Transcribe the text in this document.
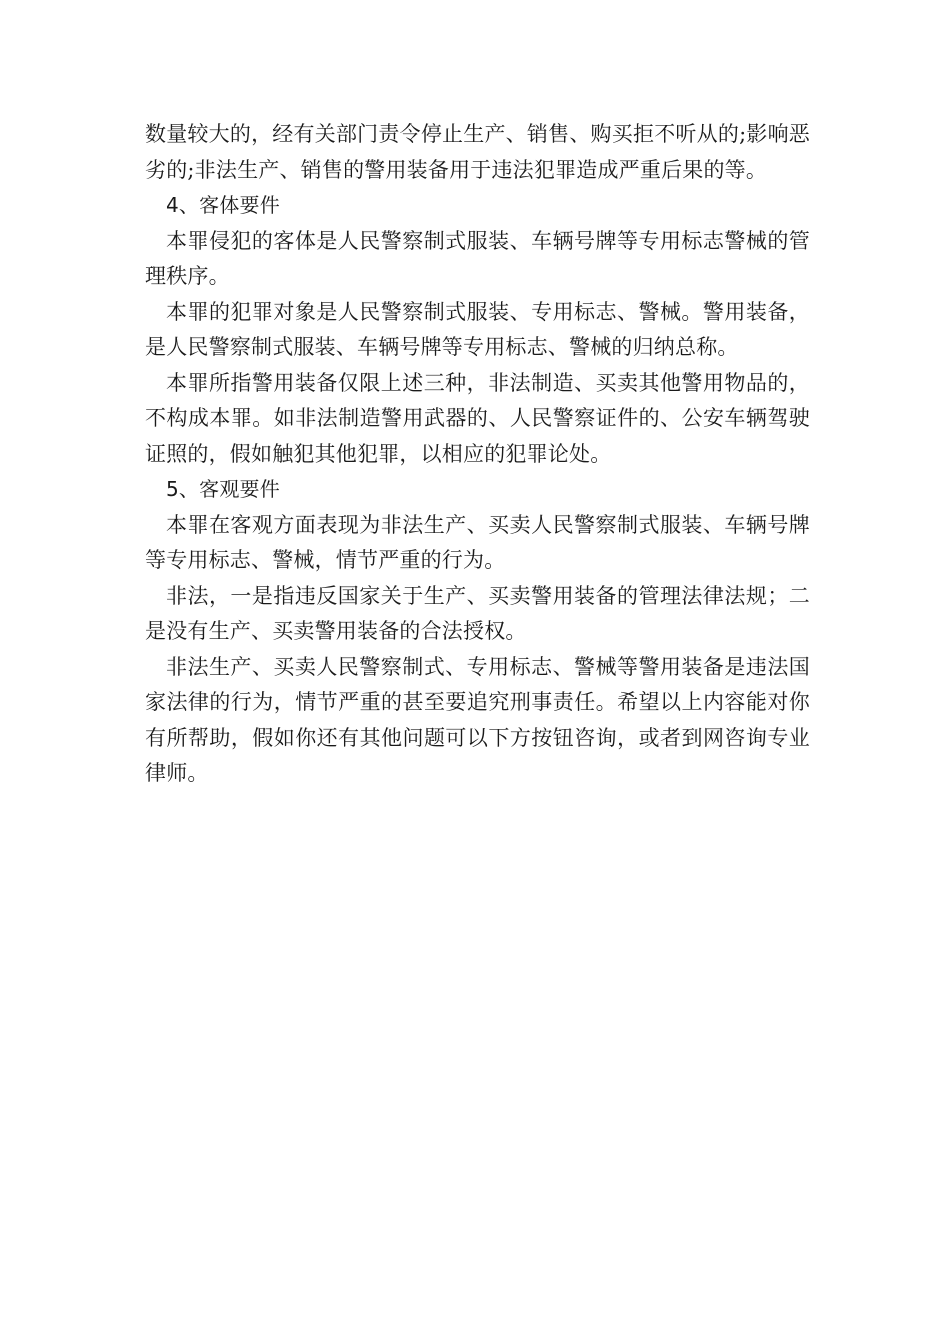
数量较大的，经有关部门责令停止生产、销售、购买拒不听从的;影响恶劣的;非法生产、销售的警用装备用于违法犯罪造成严重后果的等。

4、客体要件

本罪侵犯的客体是人民警察制式服装、车辆号牌等专用标志警械的管理秩序。

本罪的犯罪对象是人民警察制式服装、专用标志、警械。警用装备，是人民警察制式服装、车辆号牌等专用标志、警械的归纳总称。

本罪所指警用装备仅限上述三种，非法制造、买卖其他警用物品的，不构成本罪。如非法制造警用武器的、人民警察证件的、公安车辆驾驶证照的，假如触犯其他犯罪，以相应的犯罪论处。

5、客观要件

本罪在客观方面表现为非法生产、买卖人民警察制式服装、车辆号牌等专用标志、警械，情节严重的行为。

非法，一是指违反国家关于生产、买卖警用装备的管理法律法规；二是没有生产、买卖警用装备的合法授权。

非法生产、买卖人民警察制式、专用标志、警械等警用装备是违法国家法律的行为，情节严重的甚至要追究刑事责任。希望以上内容能对你有所帮助，假如你还有其他问题可以下方按钮咨询，或者到网咨询专业律师。
